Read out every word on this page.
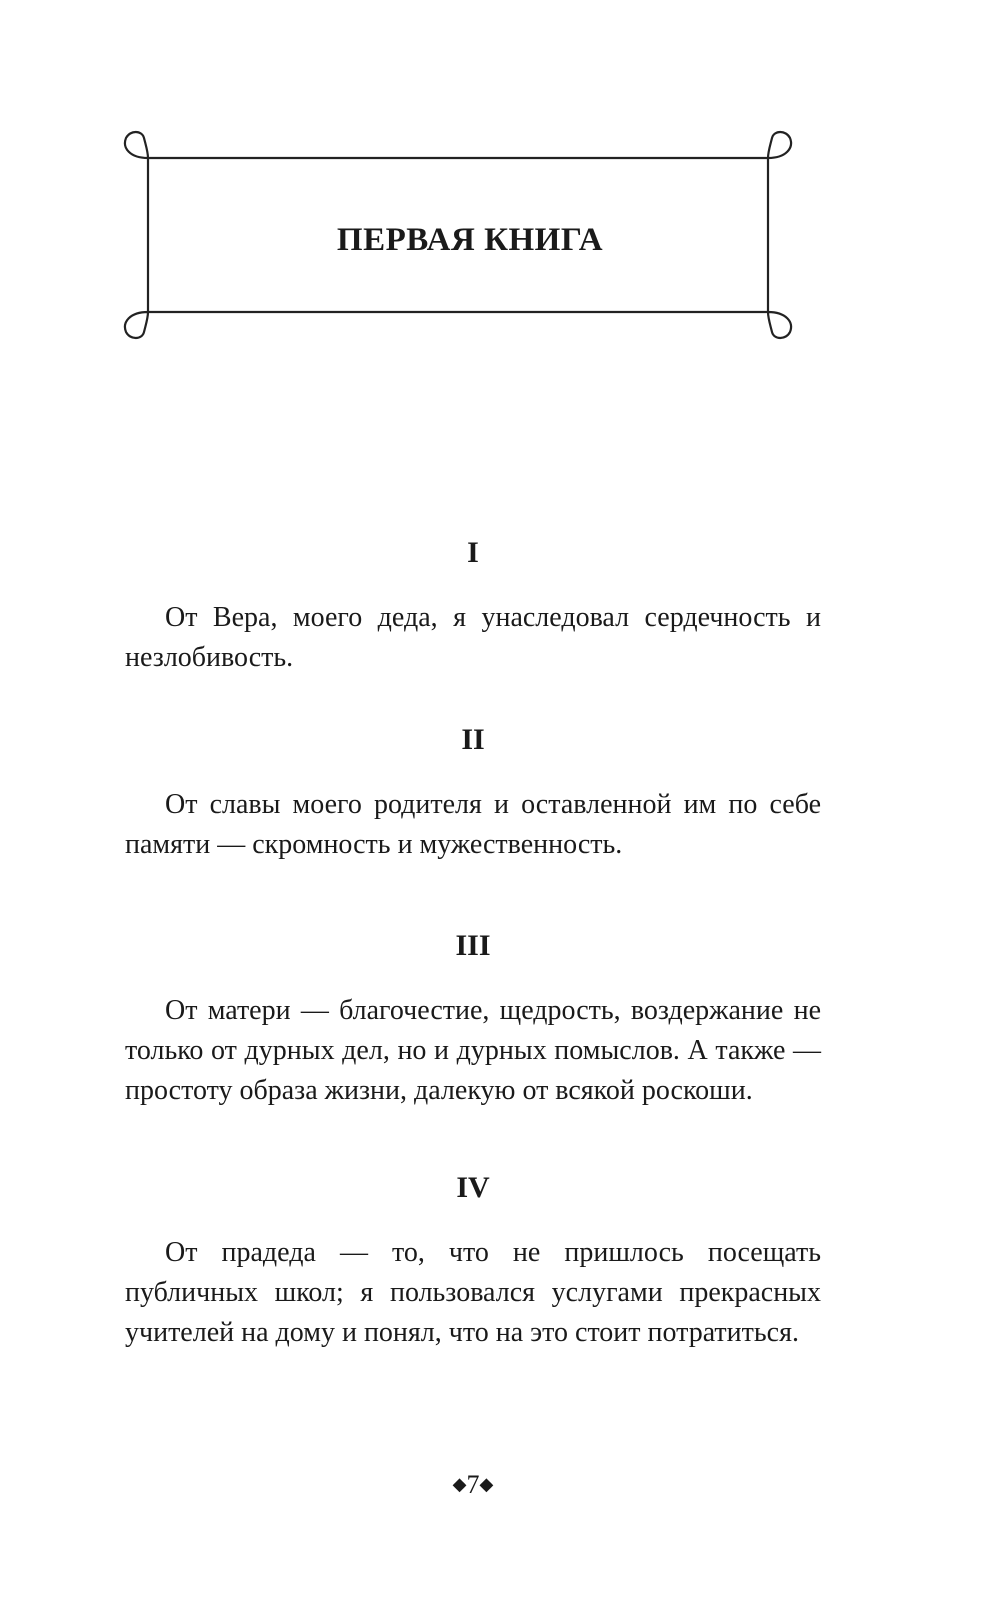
ПЕРВАЯ КНИГА
I

От Вера, моего деда, я унаследовал сердечность и незлобивость.

II

От славы моего родителя и оставленной им по себе памяти — скромность и мужественность.

III

От матери — благочестие, щедрость, воздержание не только от дурных дел, но и дурных помыслов. А также — простоту образа жизни, далекую от всякой роскоши.

IV

От прадеда — то, что не пришлось посещать публичных школ; я пользовался услугами прекрасных учителей на дому и понял, что на это стоит потратиться.

◆7◆
